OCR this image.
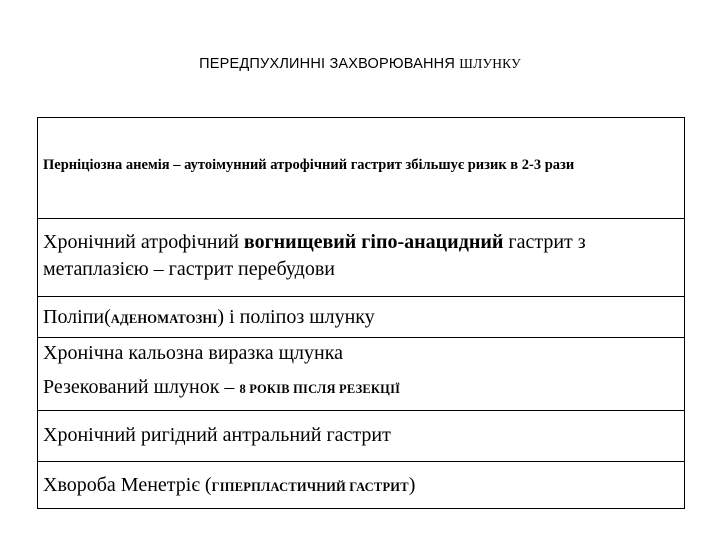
ПЕРЕДПУХЛИННІ ЗАХВОРЮВАННЯ ШЛУНКУ
Перніціозна анемія – аутоімунний атрофічний гастрит збільшує ризик в 2-3 рази
Хронічний атрофічний вогнищевий гіпо-анацидний гастрит з метаплазією – гастрит перебудови
Поліпи(АДЕНОМАТОЗНІ) і поліпоз шлунку
Хронічна кальозна виразка щлунка
Резекований шлунок – 8 РОКІВ ПІСЛЯ РЕЗЕКЦІЇ
Хронічний ригідний антральний гастрит
Хвороба Менетріє (ГІПЕРПЛАСТИЧНИЙ ГАСТРИТ)
